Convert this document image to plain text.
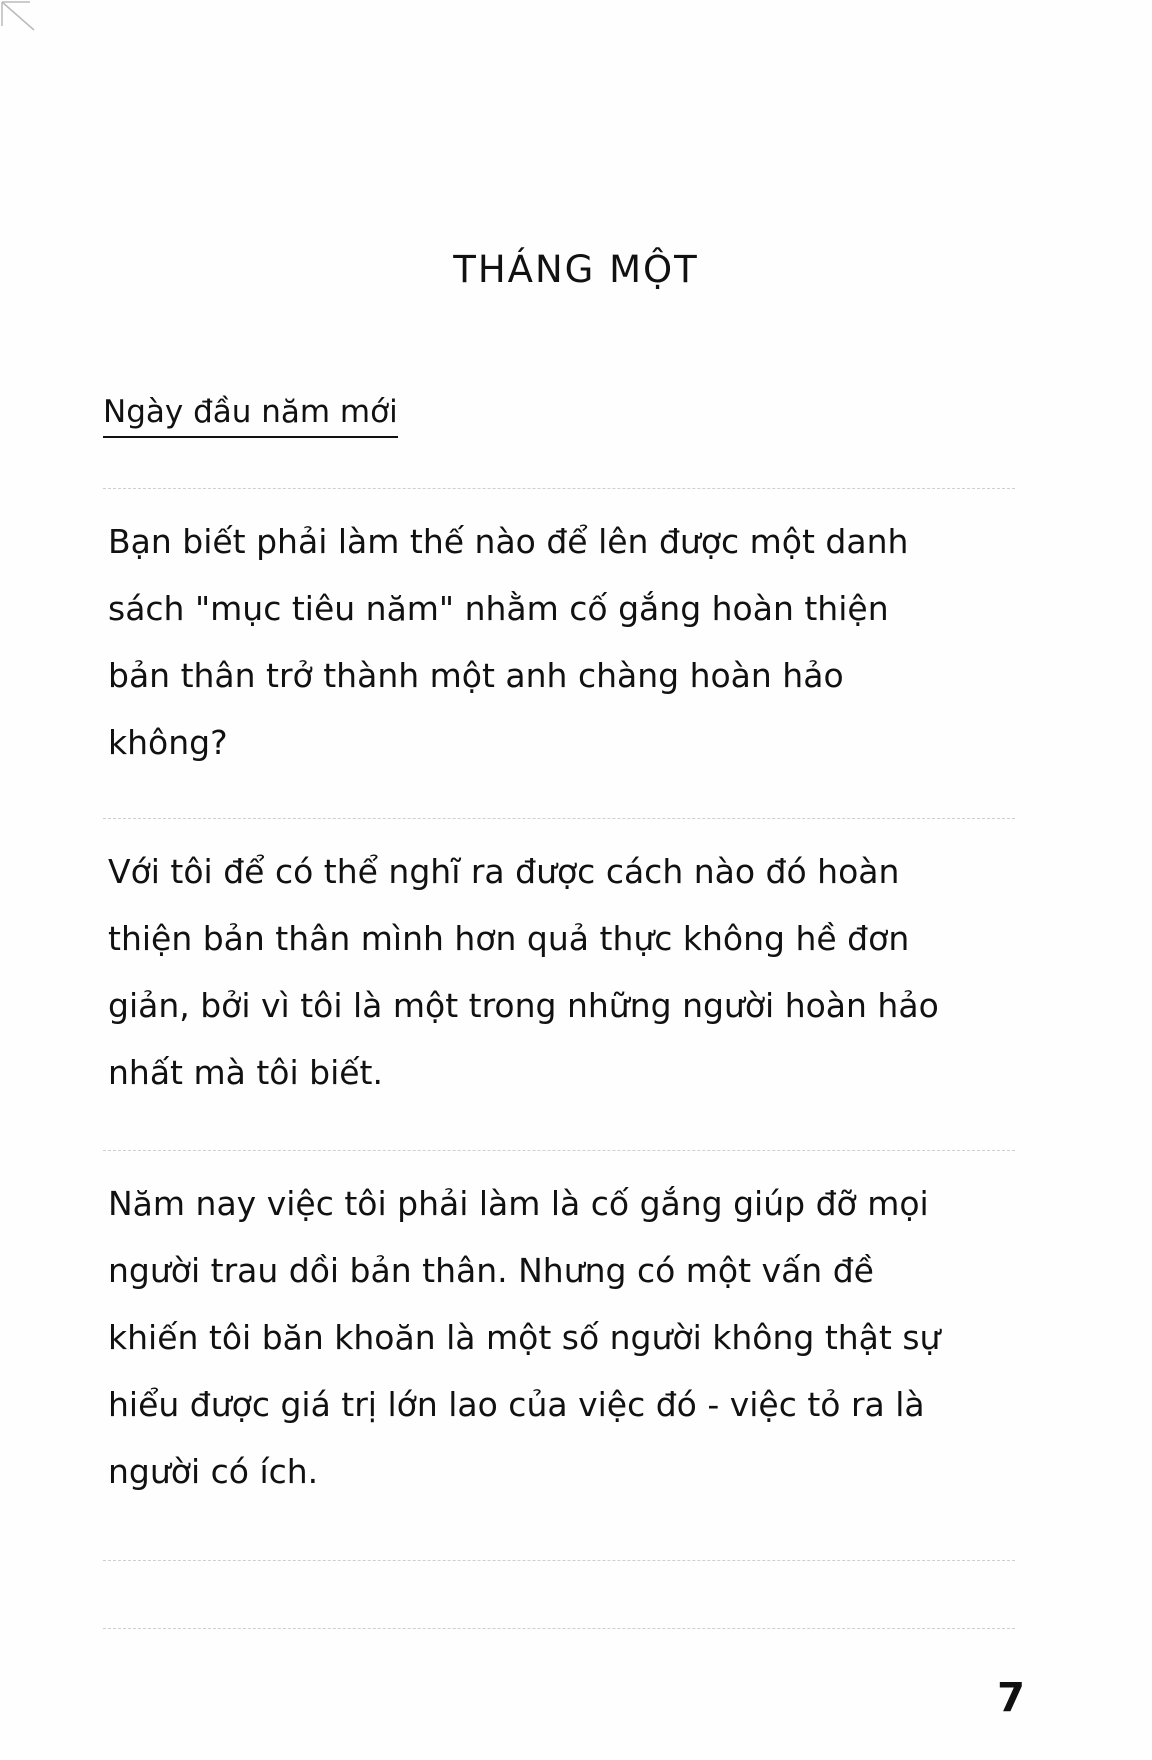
THÁNG MỘT
Ngày đầu năm mới
Bạn biết phải làm thế nào để lên được một danh
sách "mục tiêu năm" nhằm cố gắng hoàn thiện
bản thân trở thành một anh chàng hoàn hảo
không?
Với tôi để có thể nghĩ ra được cách nào đó hoàn
thiện bản thân mình hơn quả thực không hề đơn
giản, bởi vì tôi là một trong những người hoàn hảo
nhất mà tôi biết.
Năm nay việc tôi phải làm là cố gắng giúp đỡ mọi
người trau dồi bản thân. Nhưng có một vấn đề
khiến tôi băn khoăn là một số người không thật sự
hiểu được giá trị lớn lao của việc đó - việc tỏ ra là
người có ích.
7
